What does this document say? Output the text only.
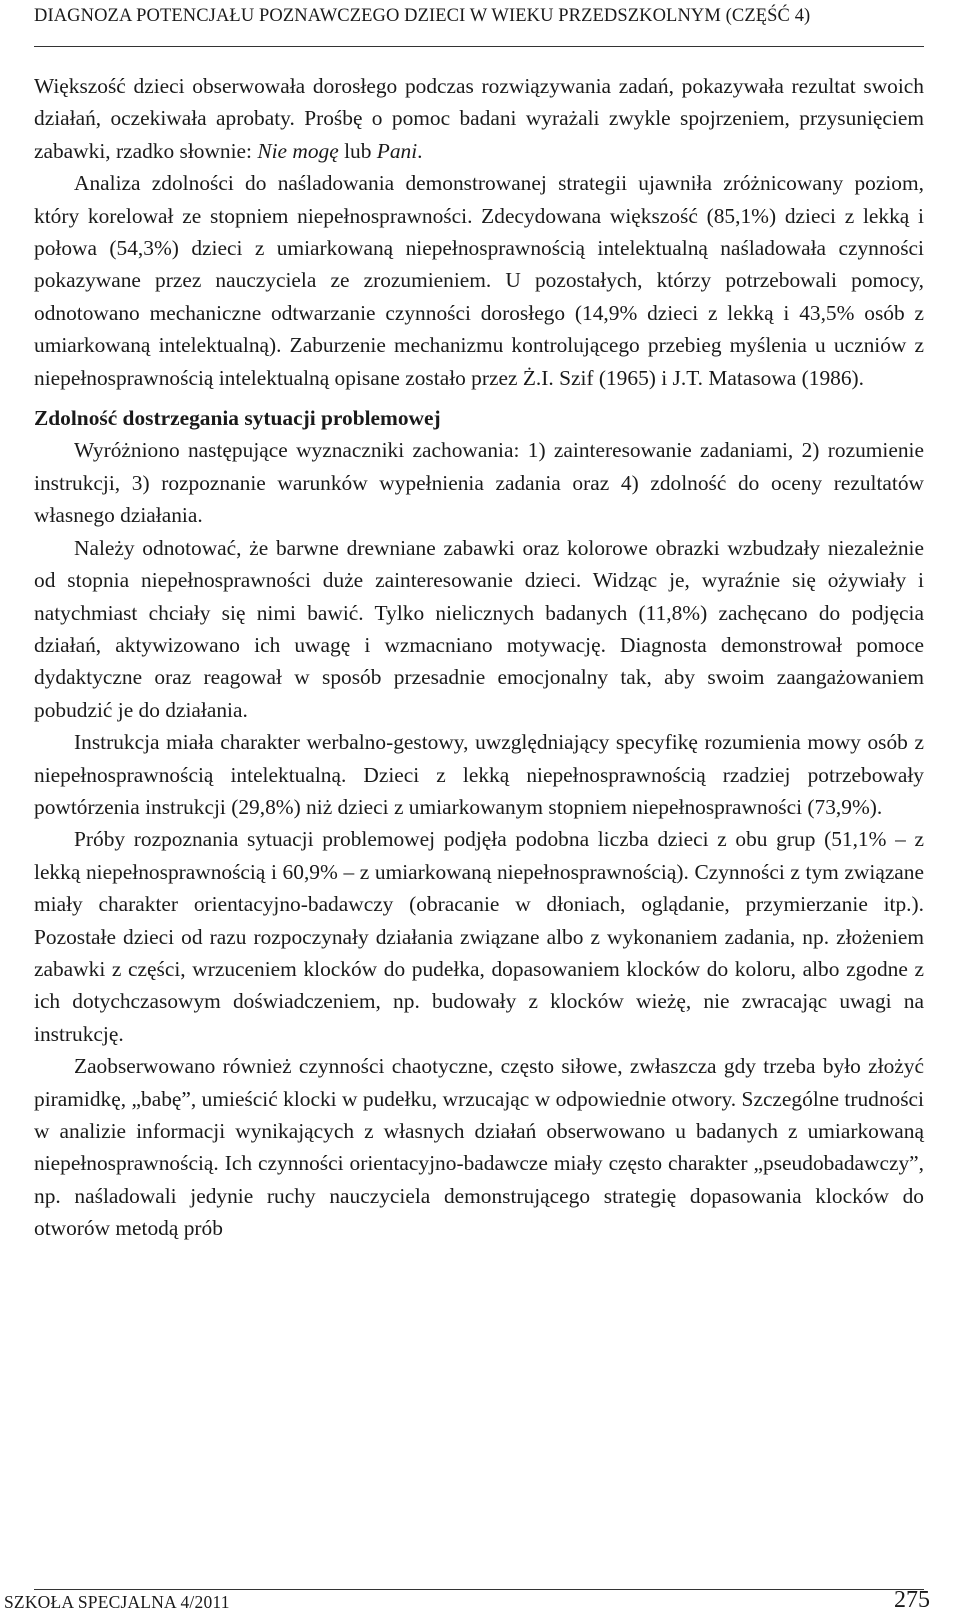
DIAGNOZA POTENCJAŁU POZNAWCZEGO DZIECI W WIEKU PRZEDSZKOLNYM (CZĘŚĆ 4)

Większość dzieci obserwowała dorosłego podczas rozwiązywania zadań, pokazywała rezultat swoich działań, oczekiwała aprobaty. Prośbę o pomoc badani wyrażali zwykle spojrzeniem, przysunięciem zabawki, rzadko słownie: Nie mogę lub Pani.

Analiza zdolności do naśladowania demonstrowanej strategii ujawniła zróżnicowany poziom, który korelował ze stopniem niepełnosprawności. Zdecydowana większość (85,1%) dzieci z lekką i połowa (54,3%) dzieci z umiarkowaną niepełnosprawnością intelektualną naśladowała czynności pokazywane przez nauczyciela ze zrozumieniem. U pozostałych, którzy potrzebowali pomocy, odnotowano mechaniczne odtwarzanie czynności dorosłego (14,9% dzieci z lekką i 43,5% osób z umiarkowaną intelektualną). Zaburzenie mechanizmu kontrolującego przebieg myślenia u uczniów z niepełnosprawnością intelektualną opisane zostało przez Ż.I. Szif (1965) i J.T. Matasowa (1986).

Zdolność dostrzegania sytuacji problemowej

Wyróżniono następujące wyznaczniki zachowania: 1) zainteresowanie zadaniami, 2) rozumienie instrukcji, 3) rozpoznanie warunków wypełnienia zadania oraz 4) zdolność do oceny rezultatów własnego działania.

Należy odnotować, że barwne drewniane zabawki oraz kolorowe obrazki wzbudzały niezależnie od stopnia niepełnosprawności duże zainteresowanie dzieci. Widząc je, wyraźnie się ożywiały i natychmiast chciały się nimi bawić. Tylko nielicznych badanych (11,8%) zachęcano do podjęcia działań, aktywizowano ich uwagę i wzmacniano motywację. Diagnosta demonstrował pomoce dydaktyczne oraz reagował w sposób przesadnie emocjonalny tak, aby swoim zaangażowaniem pobudzić je do działania.

Instrukcja miała charakter werbalno-gestowy, uwzględniający specyfikę rozumienia mowy osób z niepełnosprawnością intelektualną. Dzieci z lekką niepełnosprawnością rzadziej potrzebowały powtórzenia instrukcji (29,8%) niż dzieci z umiarkowanym stopniem niepełnosprawności (73,9%).

Próby rozpoznania sytuacji problemowej podjęła podobna liczba dzieci z obu grup (51,1% – z lekką niepełnosprawnością i 60,9% – z umiarkowaną niepełnosprawnością). Czynności z tym związane miały charakter orientacyjno-badawczy (obracanie w dłoniach, oglądanie, przymierzanie itp.). Pozostałe dzieci od razu rozpoczynały działania związane albo z wykonaniem zadania, np. złożeniem zabawki z części, wrzuceniem klocków do pudełka, dopasowaniem klocków do koloru, albo zgodne z ich dotychczasowym doświadczeniem, np. budowały z klocków wieżę, nie zwracając uwagi na instrukcję.

Zaobserwowano również czynności chaotyczne, często siłowe, zwłaszcza gdy trzeba było złożyć piramidkę, „babę”, umieścić klocki w pudełku, wrzucając w odpowiednie otwory. Szczególne trudności w analizie informacji wynikających z własnych działań obserwowano u badanych z umiarkowaną niepełnosprawnością. Ich czynności orientacyjno-badawcze miały często charakter „pseudobadawczy”, np. naśladowali jedynie ruchy nauczyciela demonstrującego strategię dopasowania klocków do otworów metodą prób

SZKOŁA SPECJALNA 4/2011	275
